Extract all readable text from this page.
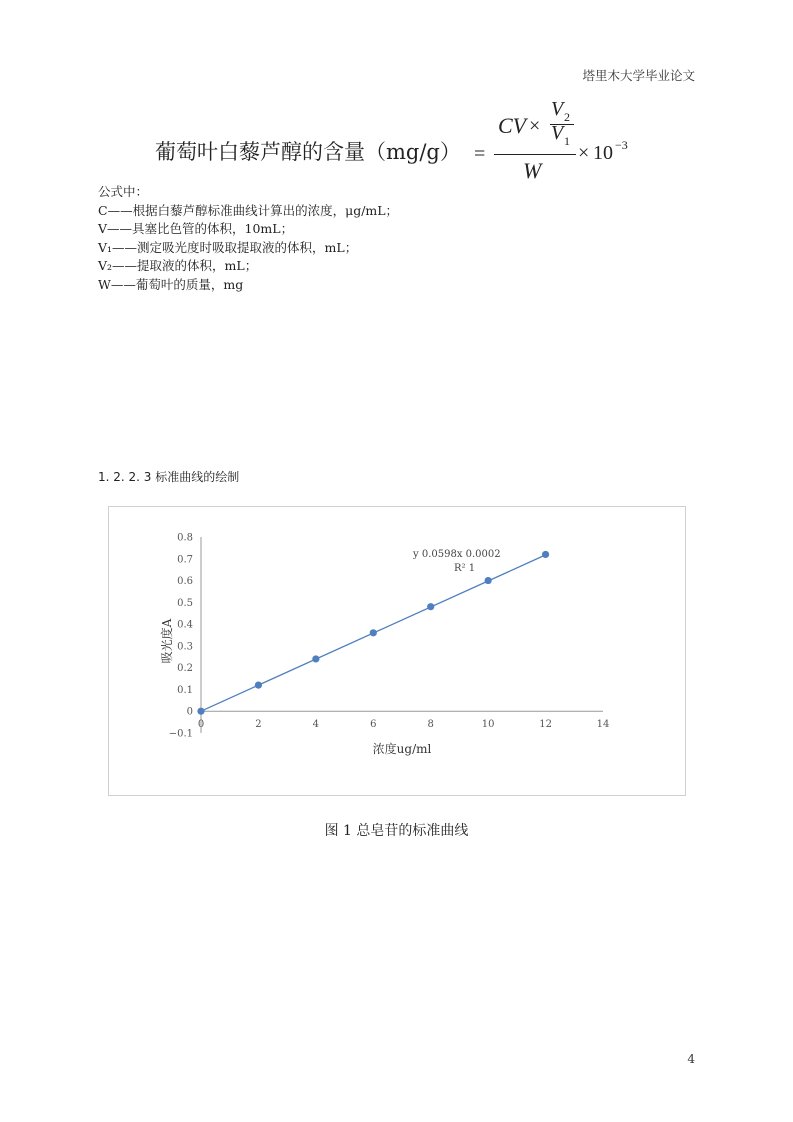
塔里木大学毕业论文
葡萄叶白藜芦醇的含量（mg/g） =
CV ×
V 2
V 1
W
× 10 −3
公式中：
C——根据白藜芦醇标准曲线计算出的浓度，μg/mL；
V——具塞比色管的体积，10mL；
V₁——测定吸光度时吸取提取液的体积，mL；
V₂——提取液的体积，mL；
W——葡萄叶的质量，mg
1. 2. 2. 3 标准曲线的绘制
−0.1
0
0.1
0.2
0.3
0.4
0.5
0.6
0.7
0.8
0	2	4	6	8	10	12	14
y 0.0598x 0.0002
R² 1
浓度ug/ml
吸光度A
图 1 总皂苷的标准曲线
4
